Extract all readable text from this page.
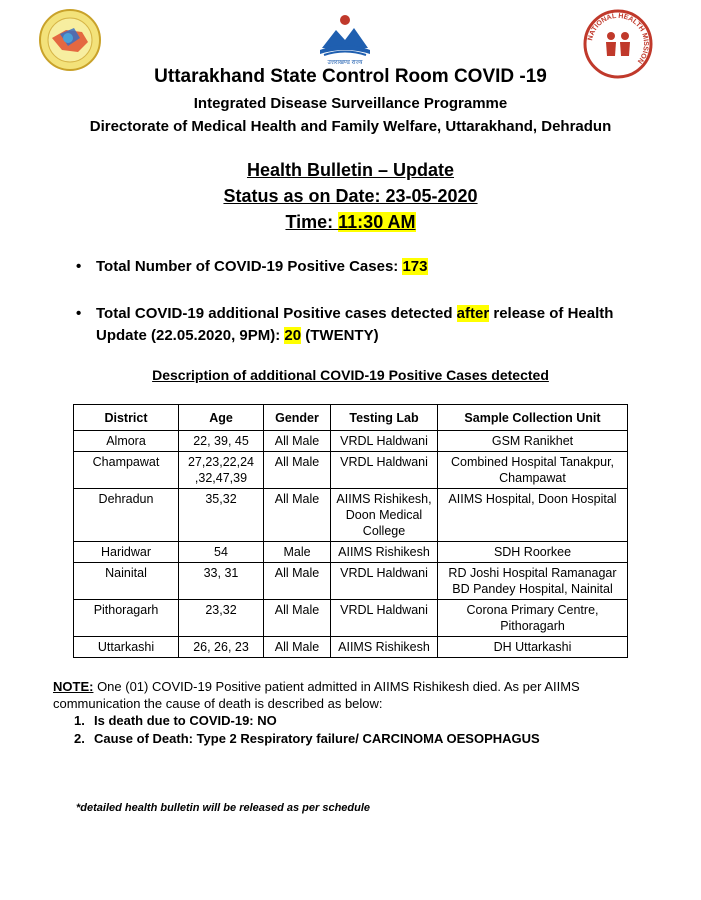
उत्तराखण्ड राज्य
NATIONAL HEALTH MISSION
Uttarakhand State Control Room COVID -19
Integrated Disease Surveillance Programme
Directorate of Medical Health and Family Welfare, Uttarakhand, Dehradun
Health Bulletin – Update
Status as on Date: 23-05-2020
Time: 11:30 AM
• Total Number of COVID-19 Positive Cases: 173
• Total COVID-19 additional Positive cases detected after release of Health Update (22.05.2020, 9PM): 20 (TWENTY)
Description of additional COVID-19 Positive Cases detected
District	Age	Gender	Testing Lab	Sample Collection Unit
Almora	22, 39, 45	All Male	VRDL Haldwani	GSM Ranikhet
Champawat	27,23,22,24 ,32,47,39	All Male	VRDL Haldwani	Combined Hospital Tanakpur, Champawat
Dehradun	35,32	All Male	AIIMS Rishikesh, Doon Medical College	AIIMS Hospital, Doon Hospital
Haridwar	54	Male	AIIMS Rishikesh	SDH Roorkee
Nainital	33, 31	All Male	VRDL Haldwani	RD Joshi Hospital Ramanagar BD Pandey Hospital, Nainital
Pithoragarh	23,32	All Male	VRDL Haldwani	Corona Primary Centre, Pithoragarh
Uttarkashi	26, 26, 23	All Male	AIIMS Rishikesh	DH Uttarkashi
NOTE: One (01) COVID-19 Positive patient admitted in AIIMS Rishikesh died. As per AIIMS communication the cause of death is described as below:
1. Is death due to COVID-19: NO
2. Cause of Death: Type 2 Respiratory failure/ CARCINOMA OESOPHAGUS
*detailed health bulletin will be released as per schedule
